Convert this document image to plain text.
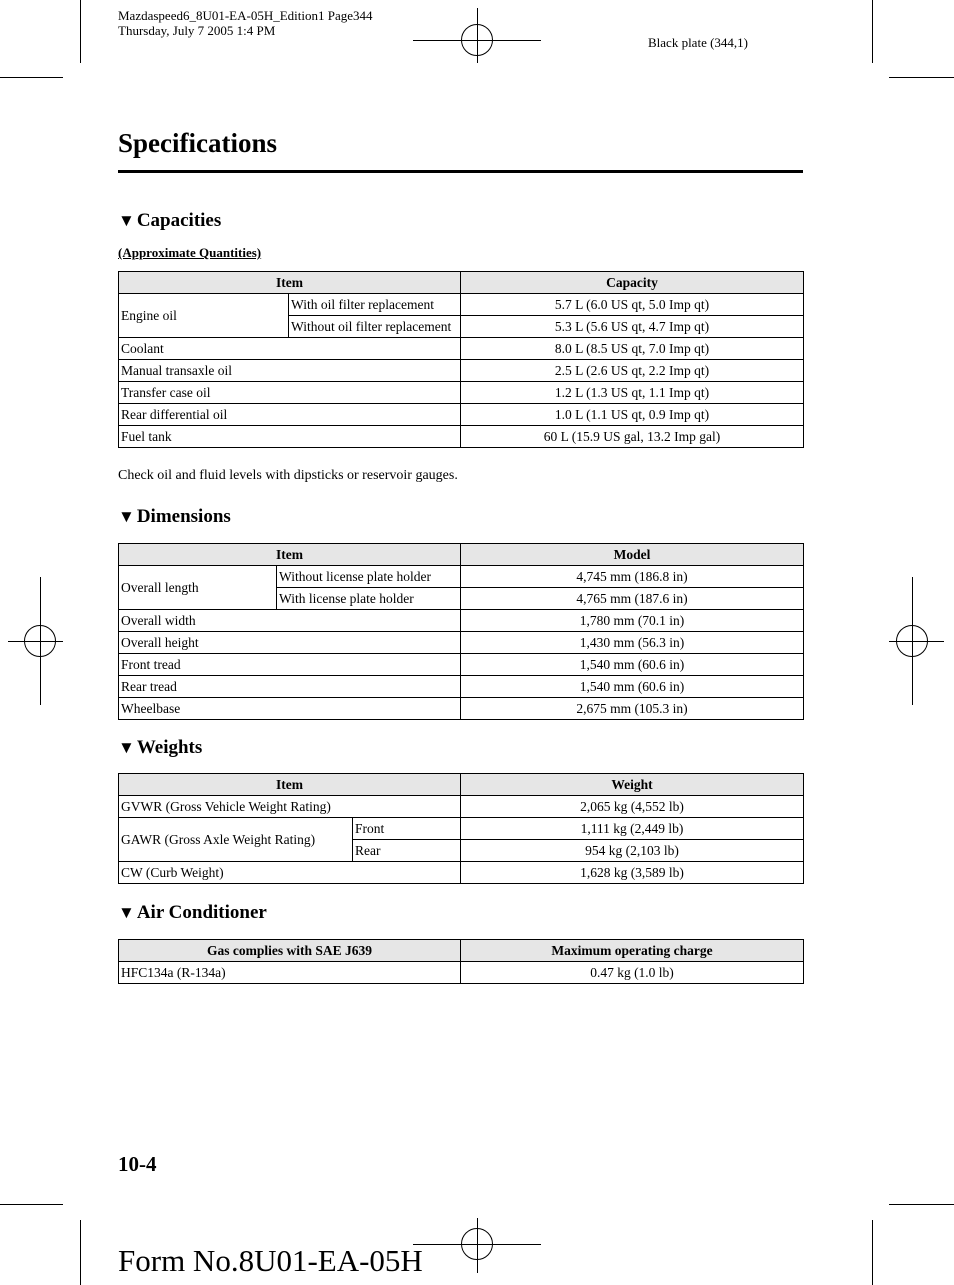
Mazdaspeed6_8U01-EA-05H_Edition1 Page344
Thursday, July 7 2005 1:4 PM
Black plate (344,1)
Specifications
▼ Capacities
(Approximate Quantities)
Item		Capacity
Engine oil	With oil filter replacement	5.7 L (6.0 US qt, 5.0 Imp qt)
	Without oil filter replacement	5.3 L (5.6 US qt, 4.7 Imp qt)
Coolant		8.0 L (8.5 US qt, 7.0 Imp qt)
Manual transaxle oil		2.5 L (2.6 US qt, 2.2 Imp qt)
Transfer case oil		1.2 L (1.3 US qt, 1.1 Imp qt)
Rear differential oil		1.0 L (1.1 US qt, 0.9 Imp qt)
Fuel tank		60 L (15.9 US gal, 13.2 Imp gal)
Check oil and fluid levels with dipsticks or reservoir gauges.
▼ Dimensions
Item		Model
Overall length	Without license plate holder	4,745 mm (186.8 in)
	With license plate holder	4,765 mm (187.6 in)
Overall width		1,780 mm (70.1 in)
Overall height		1,430 mm (56.3 in)
Front tread		1,540 mm (60.6 in)
Rear tread		1,540 mm (60.6 in)
Wheelbase		2,675 mm (105.3 in)
▼ Weights
Item		Weight
GVWR (Gross Vehicle Weight Rating)		2,065 kg (4,552 lb)
GAWR (Gross Axle Weight Rating)	Front	1,111 kg (2,449 lb)
	Rear	954 kg (2,103 lb)
CW (Curb Weight)		1,628 kg (3,589 lb)
▼ Air Conditioner
Gas complies with SAE J639	Maximum operating charge
HFC134a (R-134a)	0.47 kg (1.0 lb)
10-4
Form No.8U01-EA-05H
